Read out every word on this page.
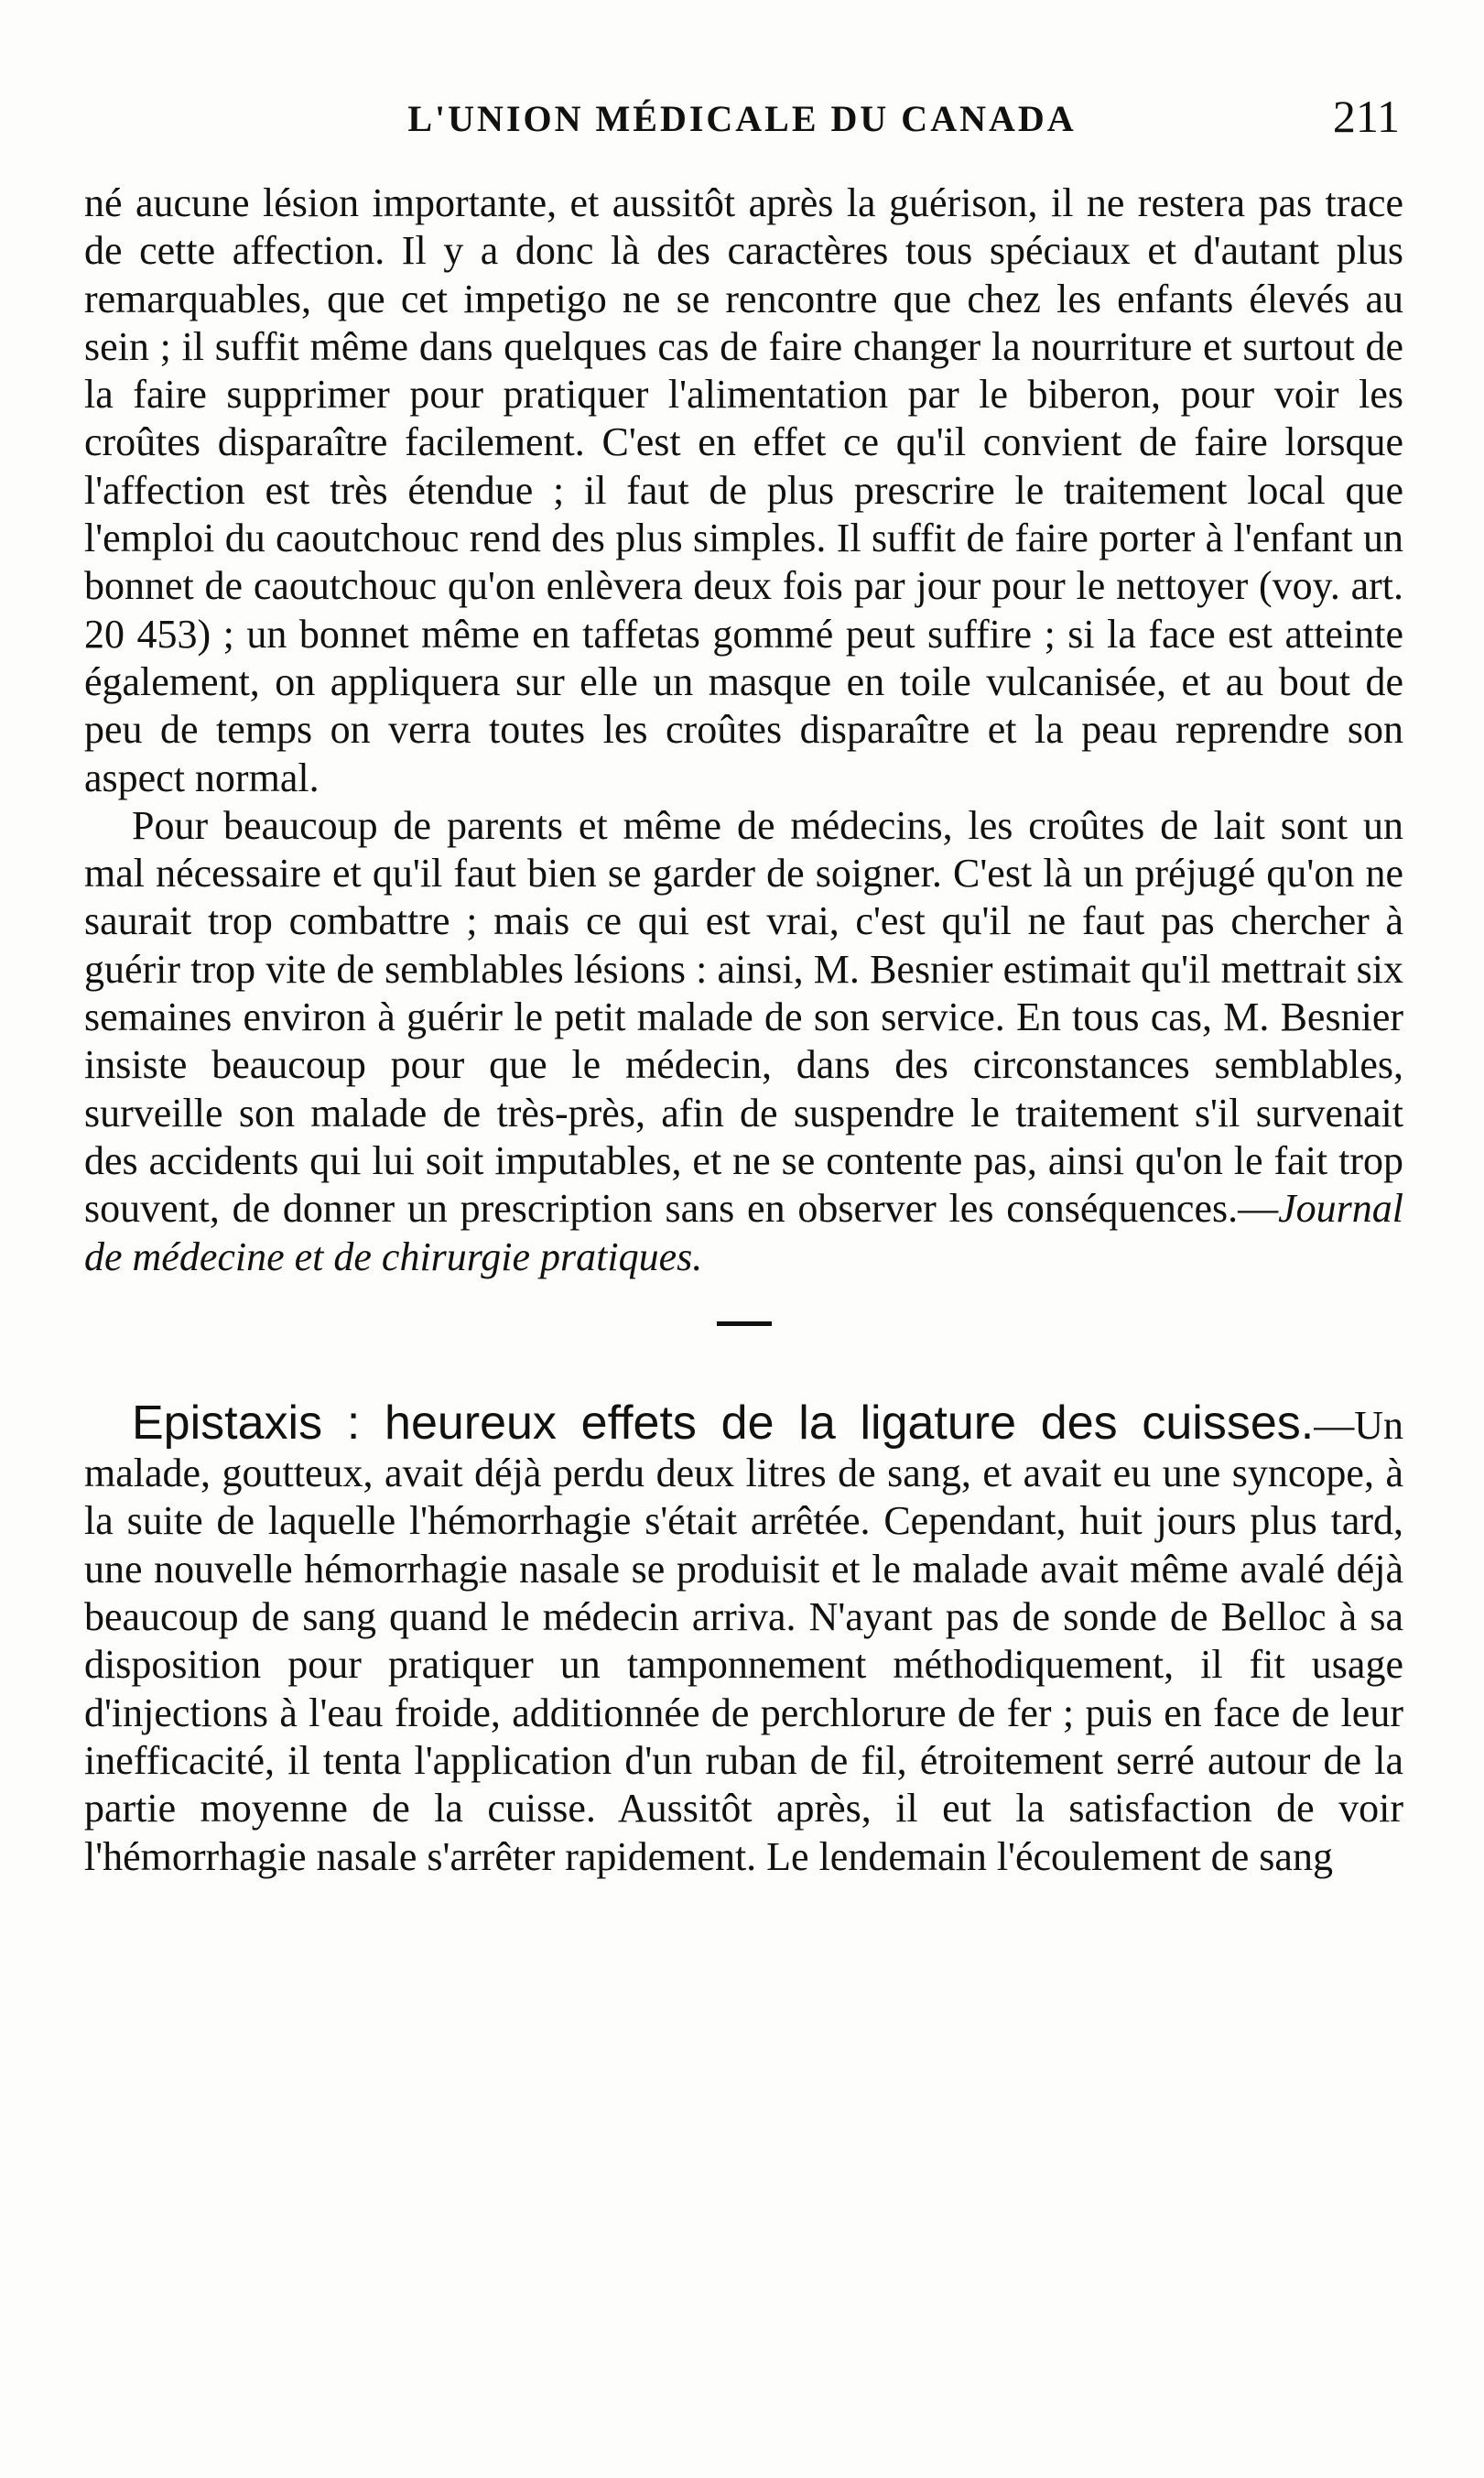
L'UNION MÉDICALE DU CANADA	211

né aucune lésion importante, et aussitôt après la guérison, il ne restera pas trace de cette affection. Il y a donc là des caractères tous spéciaux et d'autant plus remarquables, que cet impetigo ne se rencontre que chez les enfants élevés au sein ; il suffit même dans quelques cas de faire changer la nourriture et surtout de la faire supprimer pour pratiquer l'alimentation par le biberon, pour voir les croûtes disparaître facilement. C'est en effet ce qu'il convient de faire lorsque l'affection est très étendue ; il faut de plus prescrire le traitement local que l'emploi du caoutchouc rend des plus simples. Il suffit de faire porter à l'enfant un bonnet de caoutchouc qu'on enlèvera deux fois par jour pour le nettoyer (voy. art. 20 453) ; un bonnet même en taffetas gommé peut suffire ; si la face est atteinte également, on appliquera sur elle un masque en toile vulcanisée, et au bout de peu de temps on verra toutes les croûtes disparaître et la peau reprendre son aspect normal.

Pour beaucoup de parents et même de médecins, les croûtes de lait sont un mal nécessaire et qu'il faut bien se garder de soigner. C'est là un préjugé qu'on ne saurait trop combattre ; mais ce qui est vrai, c'est qu'il ne faut pas chercher à guérir trop vite de semblables lésions : ainsi, M. Besnier estimait qu'il mettrait six semaines environ à guérir le petit malade de son service. En tous cas, M. Besnier insiste beaucoup pour que le médecin, dans des circonstances semblables, surveille son malade de très-près, afin de suspendre le traitement s'il survenait des accidents qui lui soit imputables, et ne se contente pas, ainsi qu'on le fait trop souvent, de donner un prescription sans en observer les conséquences.—Journal de médecine et de chirurgie pratiques.

Epistaxis : heureux effets de la ligature des cuisses.—Un malade, goutteux, avait déjà perdu deux litres de sang, et avait eu une syncope, à la suite de laquelle l'hémorrhagie s'était arrêtée. Cependant, huit jours plus tard, une nouvelle hémorrhagie nasale se produisit et le malade avait même avalé déjà beaucoup de sang quand le médecin arriva. N'ayant pas de sonde de Belloc à sa disposition pour pratiquer un tamponnement méthodiquement, il fit usage d'injections à l'eau froide, additionnée de perchlorure de fer ; puis en face de leur inefficacité, il tenta l'application d'un ruban de fil, étroitement serré autour de la partie moyenne de la cuisse. Aussitôt après, il eut la satisfaction de voir l'hémorrhagie nasale s'arrêter rapidement. Le lendemain l'écoulement de sang
